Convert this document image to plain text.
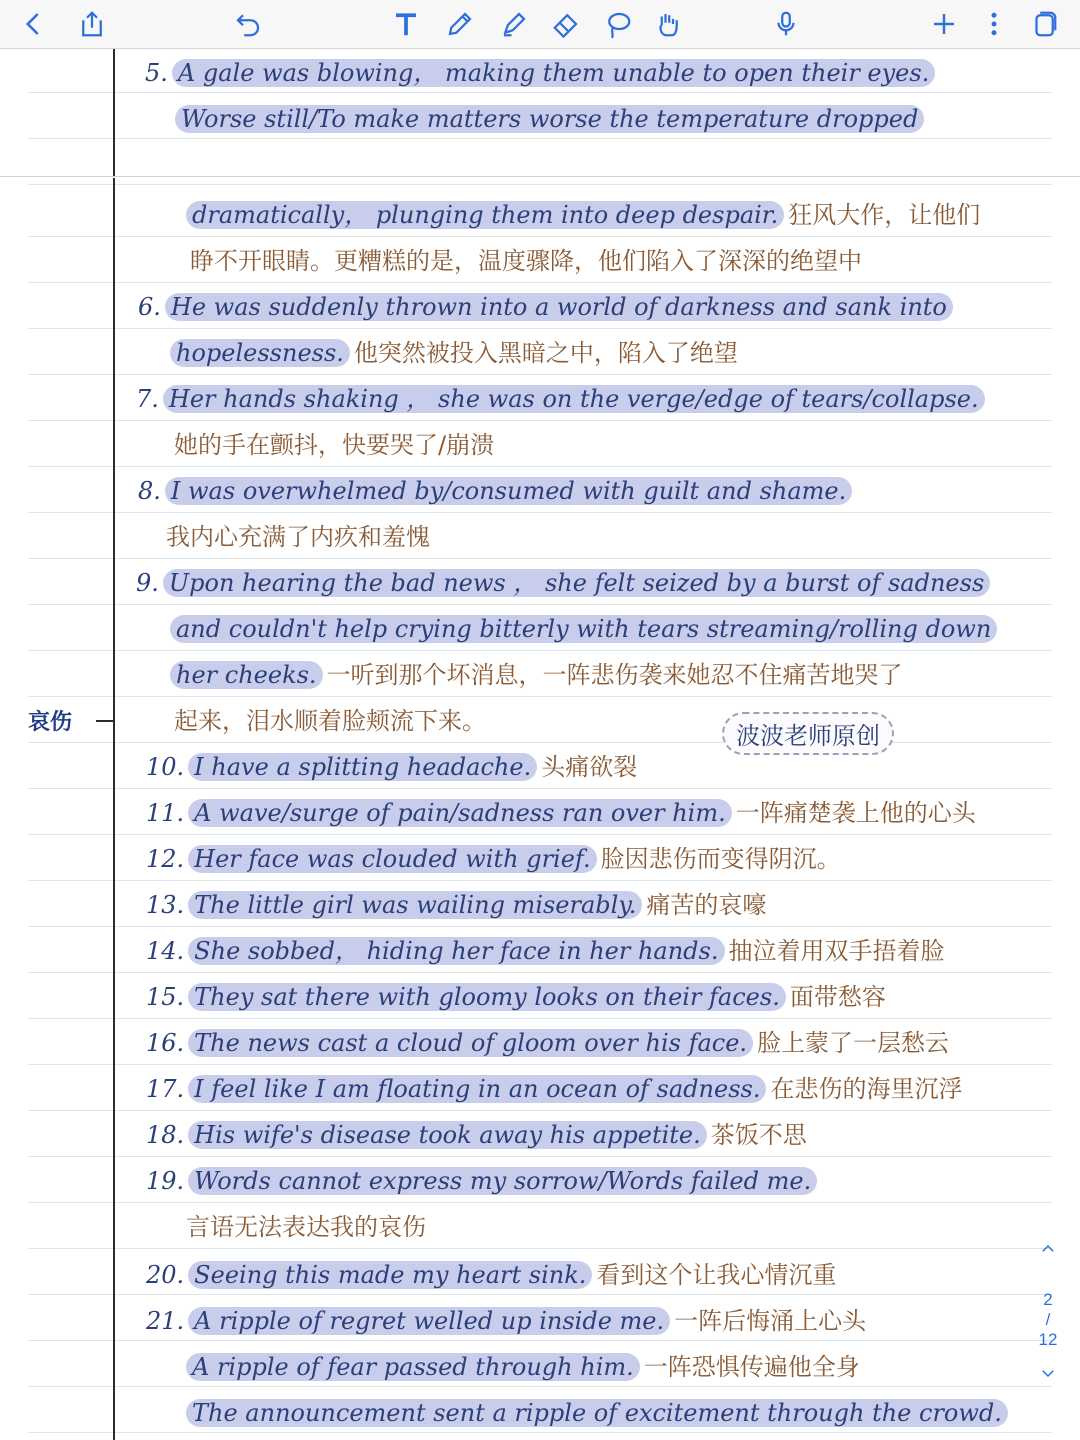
哀伤
5. A gale was blowing， making them unable to open their eyes.
Worse still/To make matters worse the temperature dropped
dramatically， plunging them into deep despair. 狂风大作，让他们
睁不开眼睛。更糟糕的是，温度骤降，他们陷入了深深的绝望中
6. He was suddenly thrown into a world of darkness and sank into
hopelessness. 他突然被投入黑暗之中，陷入了绝望
7. Her hands shaking ， she was on the verge/edge of tears/collapse.
她的手在颤抖，快要哭了/崩溃
8. I was overwhelmed by/consumed with guilt and shame.
我内心充满了内疚和羞愧
9. Upon hearing the bad news ， she felt seized by a burst of sadness
and couldn't help crying bitterly with tears streaming/rolling down
her cheeks. 一听到那个坏消息，一阵悲伤袭来她忍不住痛苦地哭了
起来，泪水顺着脸颊流下来。
10. I have a splitting headache. 头痛欲裂
11. A wave/surge of pain/sadness ran over him. 一阵痛楚袭上他的心头
12. Her face was clouded with grief. 脸因悲伤而变得阴沉。
13. The little girl was wailing miserably. 痛苦的哀嚎
14. She sobbed， hiding her face in her hands. 抽泣着用双手捂着脸
15. They sat there with gloomy looks on their faces. 面带愁容
16. The news cast a cloud of gloom over his face. 脸上蒙了一层愁云
17. I feel like I am floating in an ocean of sadness. 在悲伤的海里沉浮
18. His wife's disease took away his appetite. 茶饭不思
19. Words cannot express my sorrow/Words failed me.
言语无法表达我的哀伤
20. Seeing this made my heart sink. 看到这个让我心情沉重
21. A ripple of regret welled up inside me. 一阵后悔涌上心头
A ripple of fear passed through him. 一阵恐惧传遍他全身
The announcement sent a ripple of excitement through the crowd.
波波老师原创
2
/
12
